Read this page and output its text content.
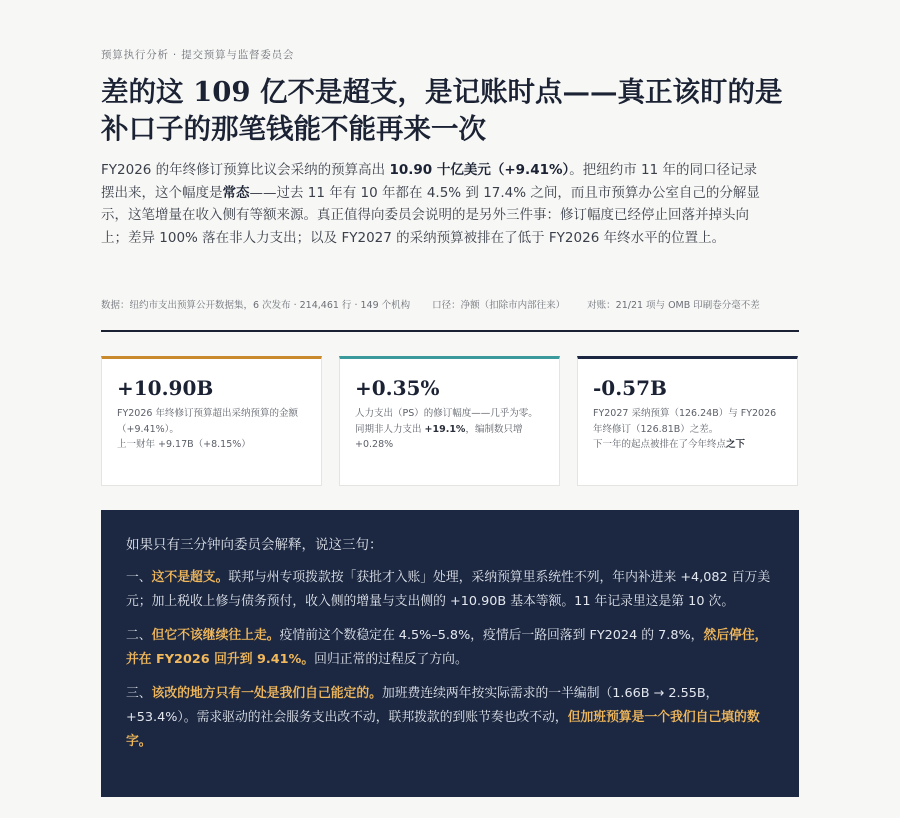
预算执行分析 · 提交预算与监督委员会
差的这 109 亿不是超支，是记账时点——真正该盯的是补口子的那笔钱能不能再来一次

FY2026 的年终修订预算比议会采纳的预算高出 10.90 十亿美元（+9.41%）。把纽约市 11 年的同口径记录摆出来，这个幅度是常态——过去 11 年有 10 年都在 4.5% 到 17.4% 之间，而且市预算办公室自己的分解显示，这笔增量在收入侧有等额来源。真正值得向委员会说明的是另外三件事：修订幅度已经停止回落并掉头向上；差异 100% 落在非人力支出；以及 FY2027 的采纳预算被排在了低于 FY2026 年终水平的位置上。

数据：纽约市支出预算公开数据集，6 次发布 · 214,461 行 · 149 个机构 口径：净额（扣除市内部往来） 对账：21/21 项与 OMB 印刷卷分毫不差
+10.90B
FY2026 年终修订预算超出采纳预算的金额（+9.41%）。
上一财年 +9.17B（+8.15%）
+0.35%
人力支出（PS）的修订幅度——几乎为零。
同期非人力支出 +19.1%，编制数只增 +0.28%
-0.57B
FY2027 采纳预算（126.24B）与 FY2026 年终修订（126.81B）之差。
下一年的起点被排在了今年终点之下
如果只有三分钟向委员会解释，说这三句：

一、这不是超支。联邦与州专项拨款按「获批才入账」处理，采纳预算里系统性不列，年内补进来 +4,082 百万美元；加上税收上修与债务预付，收入侧的增量与支出侧的 +10.90B 基本等额。11 年记录里这是第 10 次。

二、但它不该继续往上走。疫情前这个数稳定在 4.5%–5.8%，疫情后一路回落到 FY2024 的 7.8%，然后停住，并在 FY2026 回升到 9.41%。回归正常的过程反了方向。

三、该改的地方只有一处是我们自己能定的。加班费连续两年按实际需求的一半编制（1.66B → 2.55B，+53.4%）。需求驱动的社会服务支出改不动，联邦拨款的到账节奏也改不动，但加班预算是一个我们自己填的数字。
